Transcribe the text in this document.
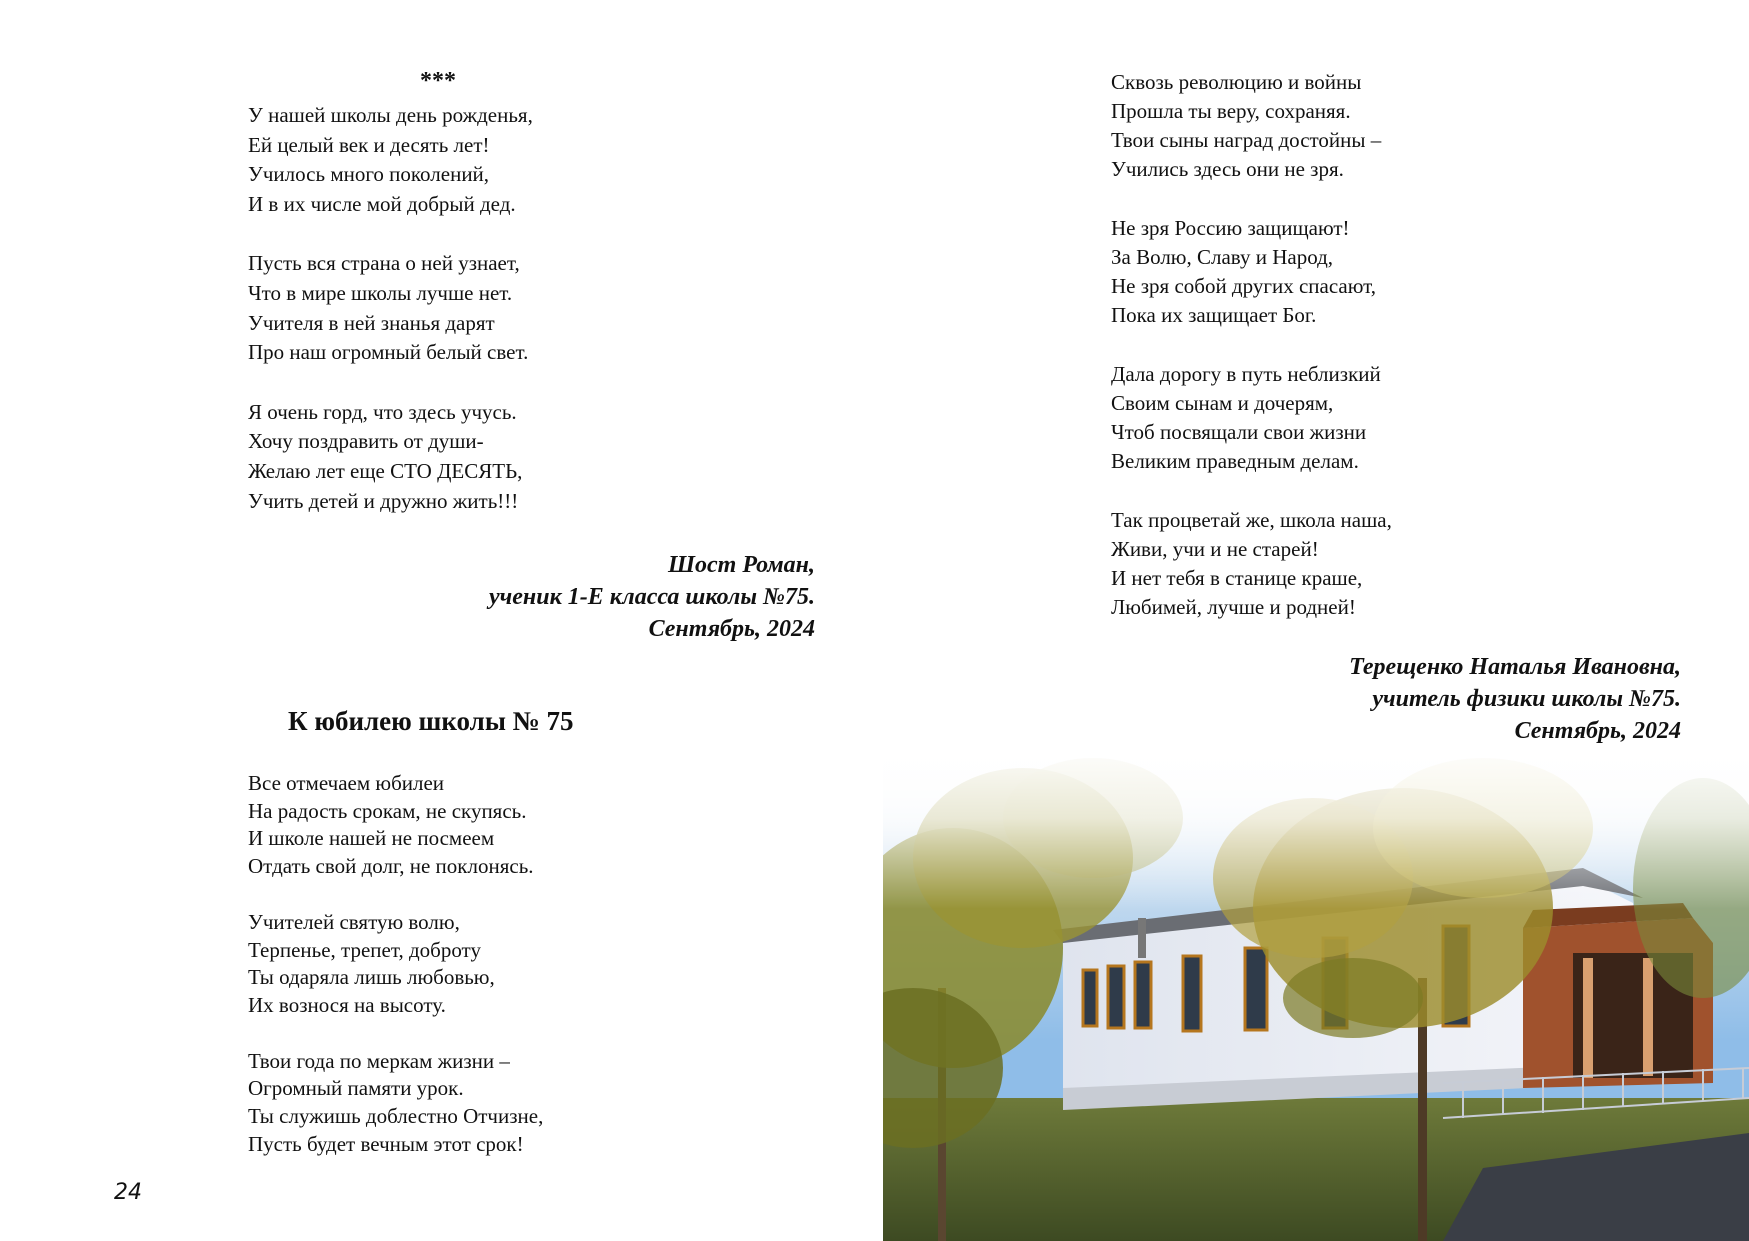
***
У нашей школы день рожденья,
Ей целый век и десять лет!
Училось много поколений,
И в их числе мой добрый дед.
Пусть вся страна о ней узнает,
Что в мире школы лучше нет.
Учителя в ней знанья дарят
Про наш огромный белый свет.
Я очень горд, что здесь учусь.
Хочу поздравить от души-
Желаю лет еще СТО ДЕСЯТЬ,
Учить детей и дружно жить!!!
Шост Роман,
ученик 1-Е класса школы №75.
Сентябрь, 2024
К юбилею школы № 75
Все отмечаем юбилеи
На радость срокам, не скупясь.
И школе нашей не посмеем
Отдать свой долг, не поклонясь.
Учителей святую волю,
Терпенье, трепет, доброту
Ты одаряла лишь любовью,
Их вознося на высоту.
Твои года по меркам жизни –
Огромный памяти урок.
Ты служишь доблестно Отчизне,
Пусть будет вечным этот срок!
24
Сквозь революцию и войны
Прошла ты веру, сохраняя.
Твои сыны наград достойны –
Учились здесь они не зря.
Не зря Россию защищают!
За Волю, Славу и Народ,
Не зря собой других спасают,
Пока их защищает Бог.
Дала дорогу в путь неблизкий
Своим сынам и дочерям,
Чтоб посвящали свои жизни
Великим праведным делам.
Так процветай же, школа наша,
Живи, учи и не старей!
И нет тебя в станице краше,
Любимей, лучше и родней!
Терещенко Наталья Ивановна,
учитель физики школы №75.
Сентябрь, 2024
